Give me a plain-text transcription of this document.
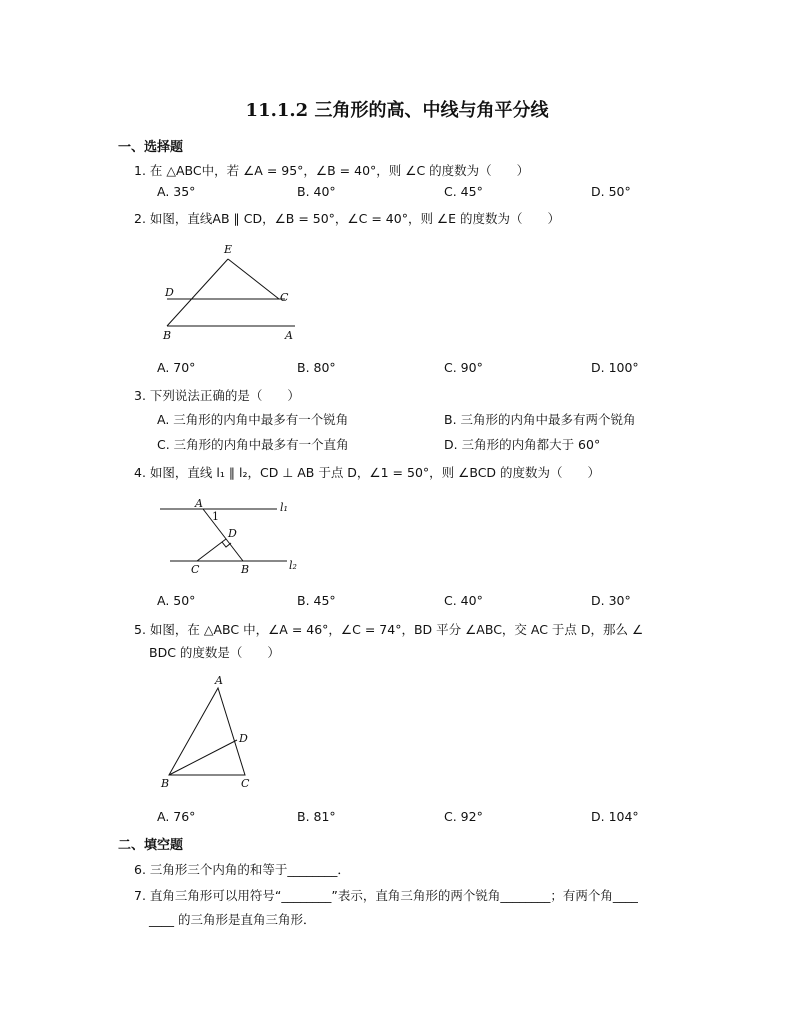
11.1.2 三角形的高、中线与角平分线
一、选择题
1. 在 △ABC中，若 ∠A = 95°，∠B = 40°，则 ∠C 的度数为（　　）
A. 35°	B. 40°	C. 45°	D. 50°
2. 如图，直线AB ∥ CD，∠B = 50°，∠C = 40°，则 ∠E 的度数为（　　）
E
D	C
B	A
A. 70°	B. 80°	C. 90°	D. 100°
3. 下列说法正确的是（　　）
A. 三角形的内角中最多有一个锐角	B. 三角形的内角中最多有两个锐角
C. 三角形的内角中最多有一个直角	D. 三角形的内角都大于 60°
4. 如图，直线 l₁ ∥ l₂，CD ⊥ AB 于点 D，∠1 = 50°，则 ∠BCD 的度数为（　　）
A
1
l₁
D
C	B	l₂
A. 50°	B. 45°	C. 40°	D. 30°
5. 如图，在 △ABC 中，∠A = 46°，∠C = 74°，BD 平分 ∠ABC，交 AC 于点 D，那么 ∠
BDC 的度数是（　　）
A
D
B	C
A. 76°	B. 81°	C. 92°	D. 104°
二、填空题
6. 三角形三个内角的和等于________．
7. 直角三角形可以用符号“________”表示，直角三角形的两个锐角________；有两个角____
____ 的三角形是直角三角形．
